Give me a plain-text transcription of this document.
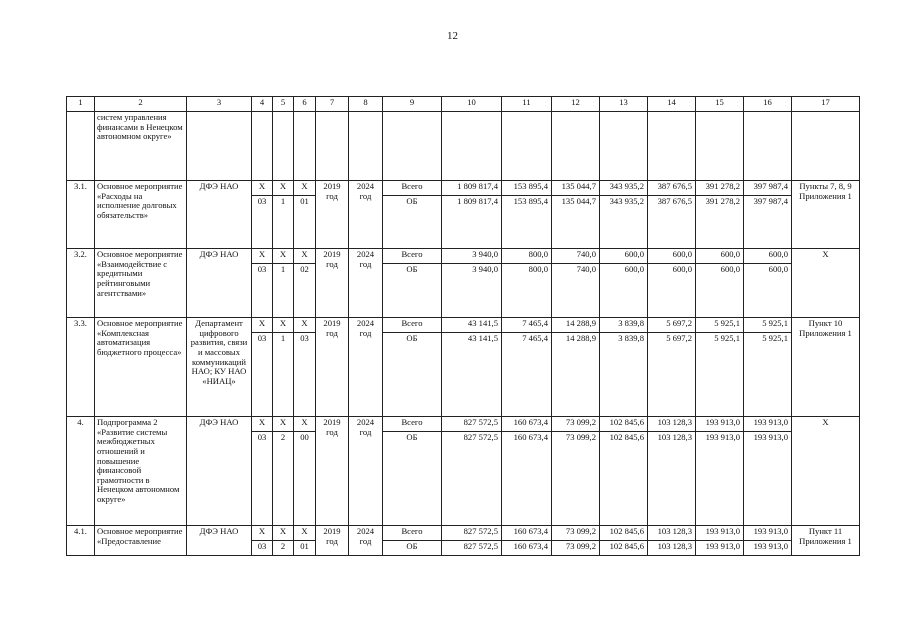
12
1	2	3	4	5	6	7	8	9	10	11	12	13	14	15	16	17
	систем управления финансами в Ненецком автономном округе»															
3.1.	Основное мероприятие «Расходы на исполнение долговых обязательств»	ДФЭ НАО	Х	Х	Х	2019 год	2024 год	Всего	1 809 817,4	153 895,4	135 044,7	343 935,2	387 676,5	391 278,2	397 987,4	Пункты 7, 8, 9 Приложения 1
			03	1	01			ОБ	1 809 817,4	153 895,4	135 044,7	343 935,2	387 676,5	391 278,2	397 987,4	
3.2.	Основное мероприятие «Взаимодействие с кредитными рейтинговыми агентствами»	ДФЭ НАО	Х	Х	Х	2019 год	2024 год	Всего	3 940,0	800,0	740,0	600,0	600,0	600,0	600,0	Х
			03	1	02			ОБ	3 940,0	800,0	740,0	600,0	600,0	600,0	600,0	
3.3.	Основное мероприятие «Комплексная автоматизация бюджетного процесса»	Департамент цифрового развития, связи и массовых коммуникаций НАО; КУ НАО «НИАЦ»	Х	Х	Х	2019 год	2024 год	Всего	43 141,5	7 465,4	14 288,9	3 839,8	5 697,2	5 925,1	5 925,1	Пункт 10 Приложения 1
			03	1	03			ОБ	43 141,5	7 465,4	14 288,9	3 839,8	5 697,2	5 925,1	5 925,1	
4.	Подпрограмма 2 «Развитие системы межбюджетных отношений и повышение финансовой грамотности в Ненецком автономном округе»	ДФЭ НАО	Х	Х	Х	2019 год	2024 год	Всего	827 572,5	160 673,4	73 099,2	102 845,6	103 128,3	193 913,0	193 913,0	Х
			03	2	00			ОБ	827 572,5	160 673,4	73 099,2	102 845,6	103 128,3	193 913,0	193 913,0	
4.1.	Основное мероприятие «Предоставление	ДФЭ НАО	Х	Х	Х	2019 год	2024 год	Всего	827 572,5	160 673,4	73 099,2	102 845,6	103 128,3	193 913,0	193 913,0	Пункт 11 Приложения 1
			03	2	01			ОБ	827 572,5	160 673,4	73 099,2	102 845,6	103 128,3	193 913,0	193 913,0	
